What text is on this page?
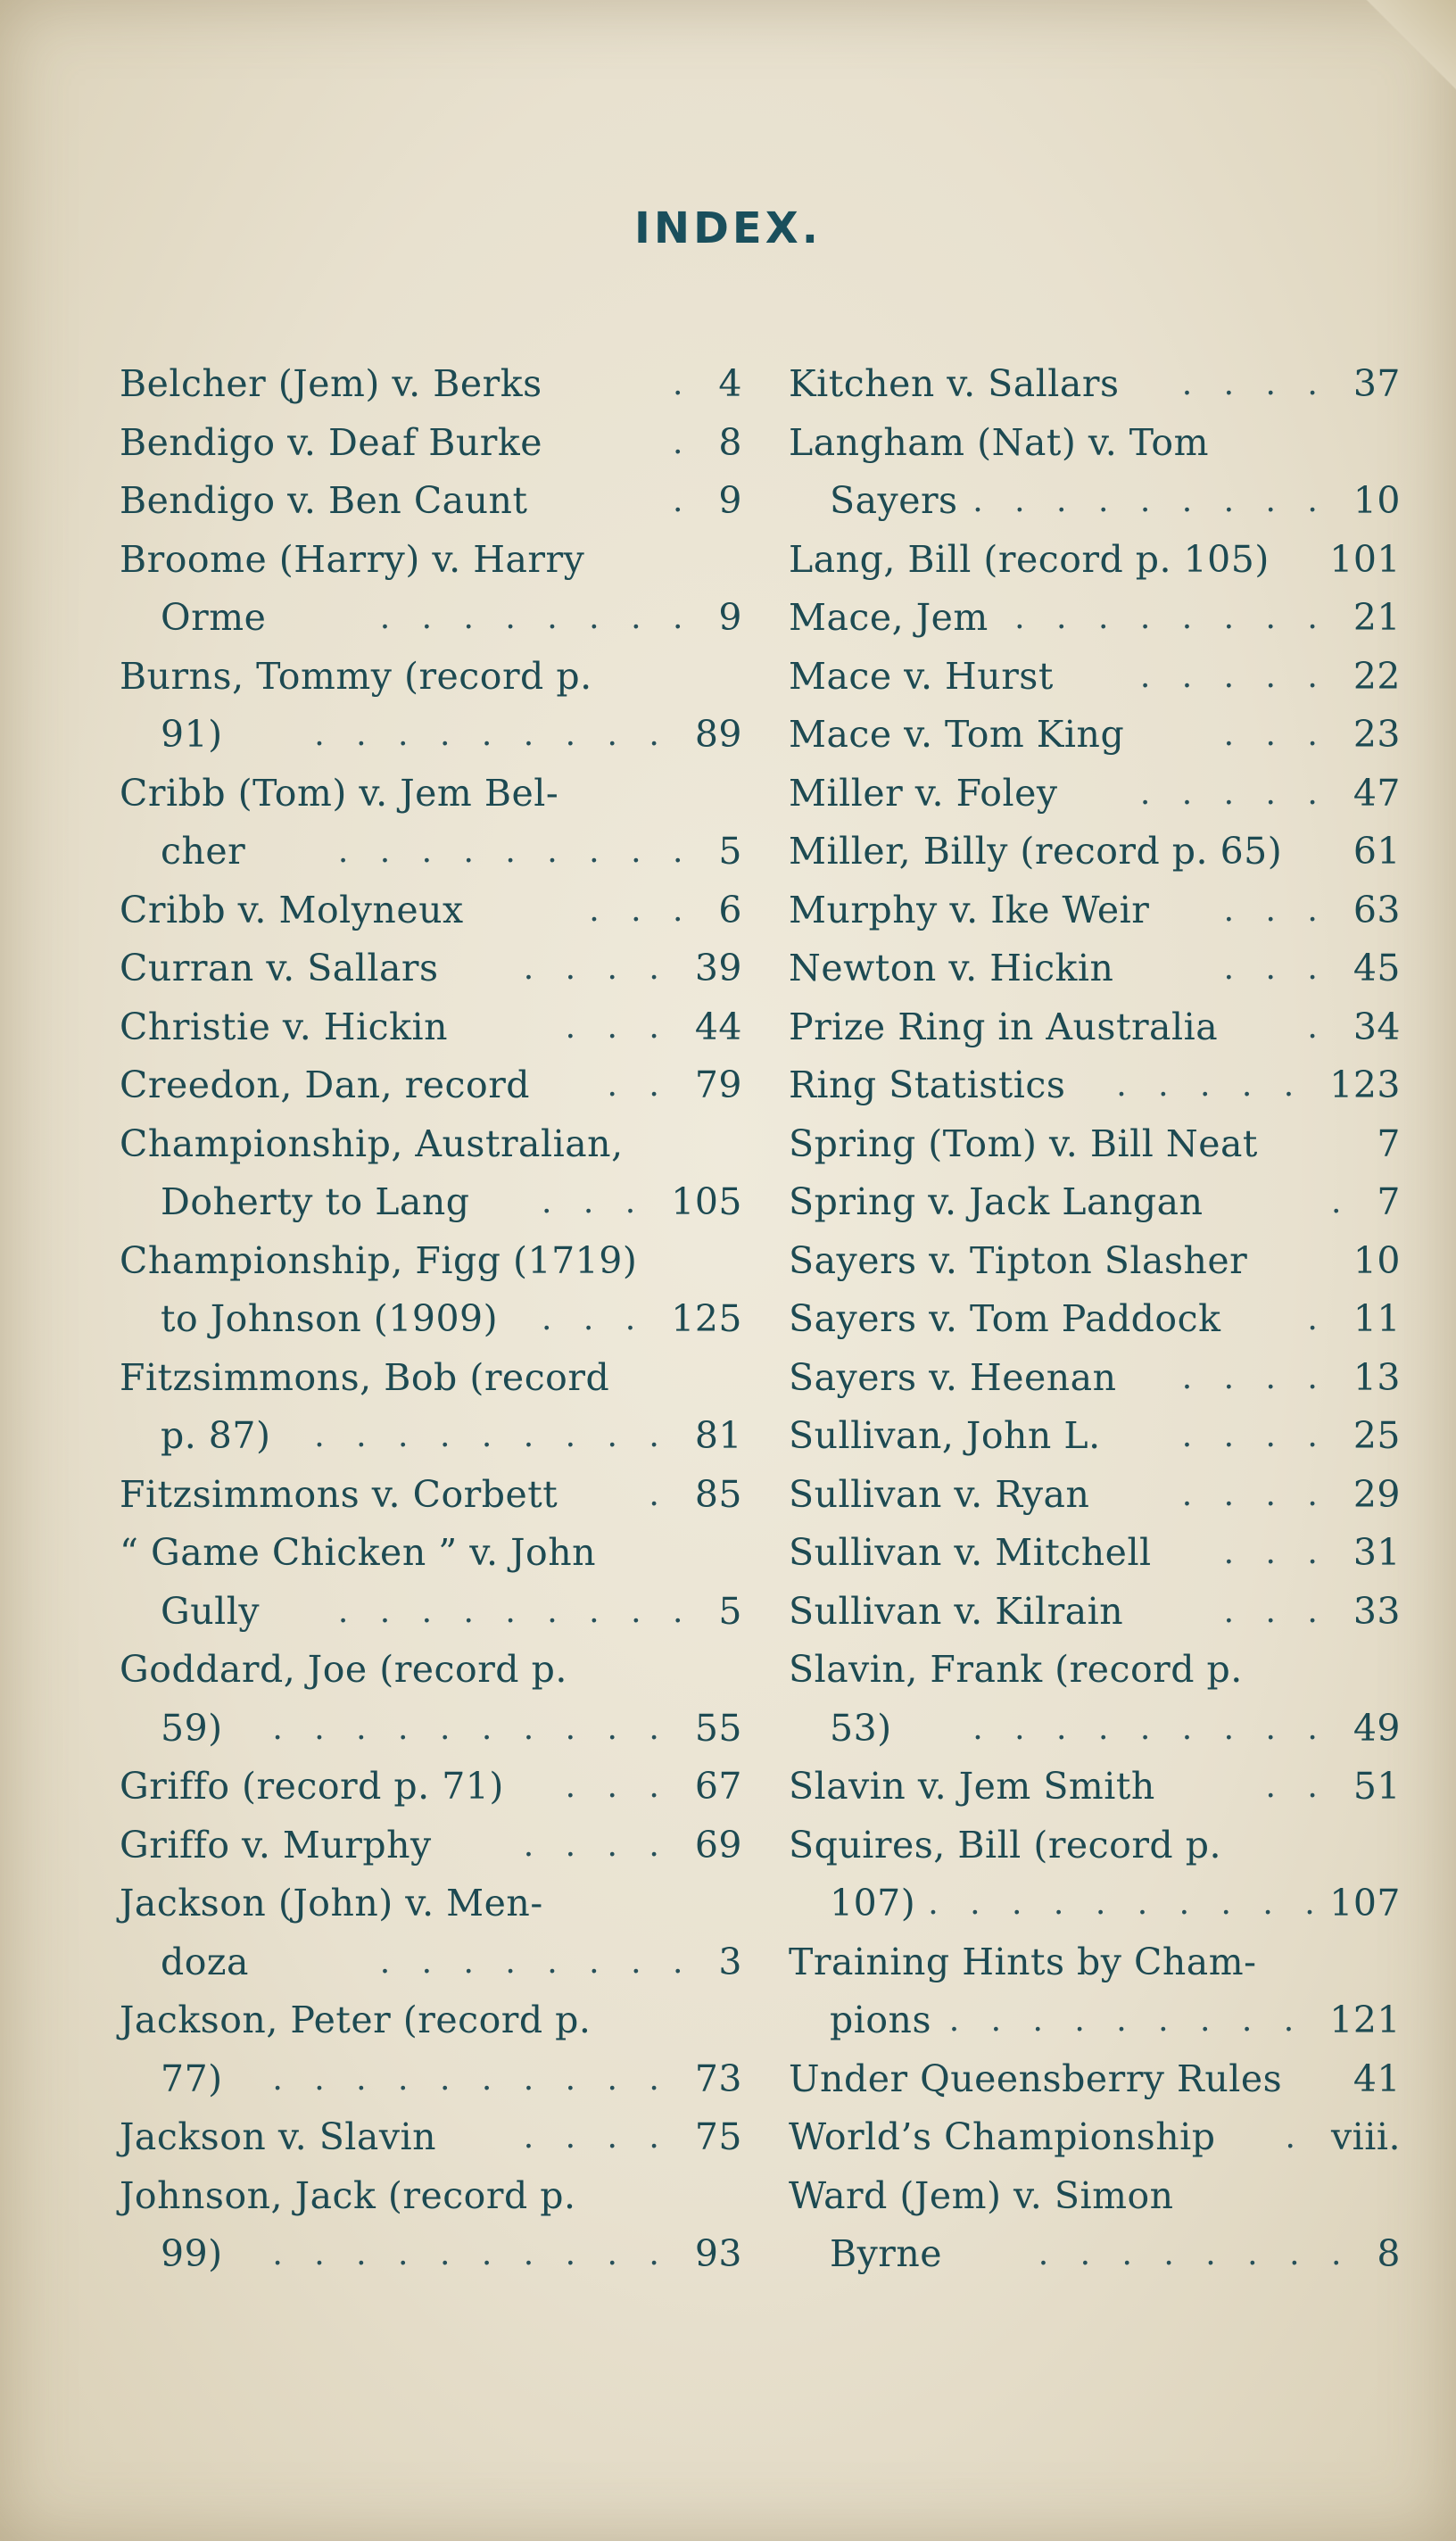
INDEX.
Belcher (Jem) v. Berks	. 4
Bendigo v. Deaf Burke	. 8
Bendigo v. Ben Caunt	. 9
Broome (Harry) v. Harry
Orme	. . . . . . . . 9
Burns, Tommy (record p.
91)	. . . . . . . . . 89
Cribb (Tom) v. Jem Bel-
cher	. . . . . . . . . 5
Cribb v. Molyneux	. . . 6
Curran v. Sallars	. . . . 39
Christie v. Hickin	. . . 44
Creedon, Dan, record . . 79
Championship, Australian,
Doherty to Lang . . . 105
Championship, Figg (1719)
to Johnson (1909) . . . 125
Fitzsimmons, Bob (record
p. 87) . . . . . . . . . 81
Fitzsimmons v. Corbett	. 85
“ Game Chicken ” v. John
Gully . . . . . . . . . 5
Goddard, Joe (record p.
59) . . . . . . . . . . 55
Griffo (record p. 71) . . . 67
Griffo v. Murphy	. . . . 69
Jackson (John) v. Men-
doza	. . . . . . . . 3
Jackson, Peter (record p.
77) . . . . . . . . . . 73
Jackson v. Slavin	. . . . 75
Johnson, Jack (record p.
99) . . . . . . . . . . 93
Kitchen v. Sallars . . . . 37
Langham (Nat) v. Tom
Sayers . . . . . . . . . 10
Lang, Bill (record p. 105) 101
Mace, Jem . . . . . . . . 21
Mace v. Hurst	. . . . . 22
Mace v. Tom King	. . . 23
Miller v. Foley	. . . . . 47
Miller, Billy (record p. 65) 61
Murphy v. Ike Weir . . . 63
Newton v. Hickin	. . . 45
Prize Ring in Australia	. 34
Ring Statistics . . . . . 123
Spring (Tom) v. Bill Neat	7
Spring v. Jack Langan	. 7
Sayers v. Tipton Slasher	10
Sayers v. Tom Paddock	. 11
Sayers v. Heenan . . . . 13
Sullivan, John L.	. . . . 25
Sullivan v. Ryan	. . . . 29
Sullivan v. Mitchell . . . 31
Sullivan v. Kilrain	. . . 33
Slavin, Frank (record p.
53)	. . . . . . . . . 49
Slavin v. Jem Smith	. . 51
Squires, Bill (record p.
107) . . . . . . . . . . 107
Training Hints by Cham-
pions . . . . . . . . . 121
Under Queensberry Rules 41
World’s Championship . viii.
Ward (Jem) v. Simon
Byrne	. . . . . . . . 8
